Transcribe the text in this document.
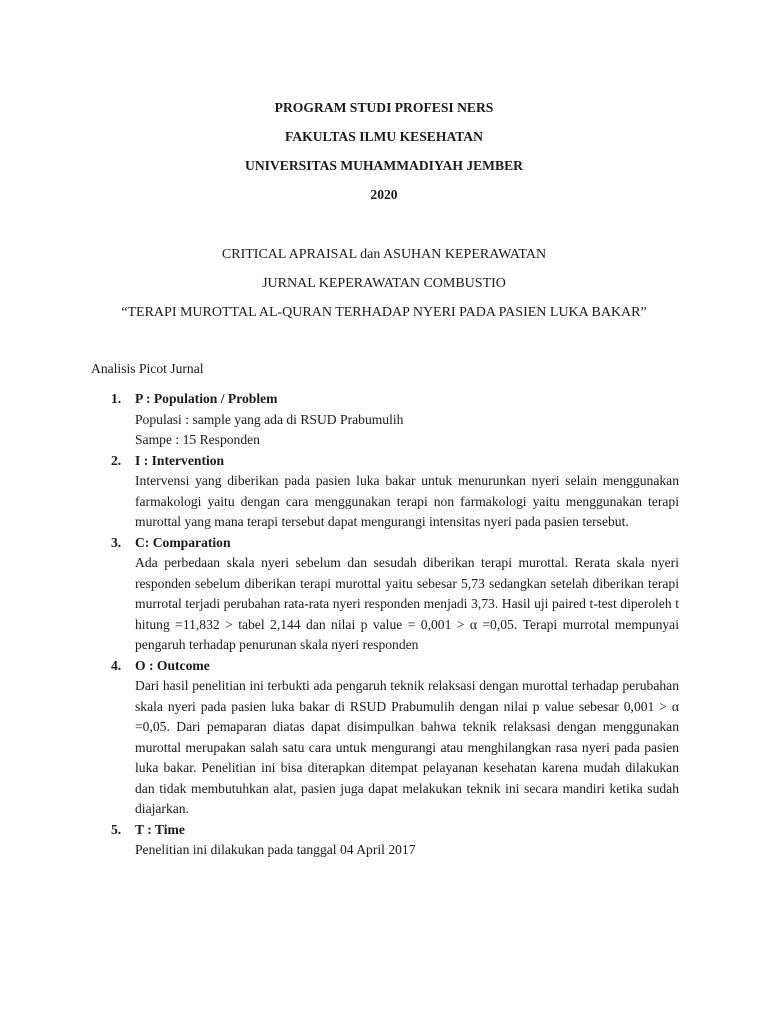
PROGRAM STUDI PROFESI NERS
FAKULTAS ILMU KESEHATAN
UNIVERSITAS MUHAMMADIYAH JEMBER
2020
CRITICAL APRAISAL dan ASUHAN KEPERAWATAN
JURNAL KEPERAWATAN COMBUSTIO
“TERAPI MUROTTAL AL-QURAN TERHADAP NYERI PADA PASIEN LUKA BAKAR”
Analisis Picot Jurnal
1. P : Population / Problem
Populasi : sample yang ada di RSUD Prabumulih
Sampe : 15 Responden
2. I : Intervention
Intervensi yang diberikan pada pasien luka bakar untuk menurunkan nyeri selain menggunakan farmakologi yaitu dengan cara menggunakan terapi non farmakologi yaitu menggunakan terapi murottal yang mana terapi tersebut dapat mengurangi intensitas nyeri pada pasien tersebut.
3. C: Comparation
Ada perbedaan skala nyeri sebelum dan sesudah diberikan terapi murottal. Rerata skala nyeri responden sebelum diberikan terapi murottal yaitu sebesar 5,73 sedangkan setelah diberikan terapi murrotal terjadi perubahan rata-rata nyeri responden menjadi 3,73. Hasil uji paired t-test diperoleh t hitung =11,832 > tabel 2,144 dan nilai p value = 0,001 > α =0,05. Terapi murrotal mempunyai pengaruh terhadap penurunan skala nyeri responden
4. O : Outcome
Dari hasil penelitian ini terbukti ada pengaruh teknik relaksasi dengan murottal terhadap perubahan skala nyeri pada pasien luka bakar di RSUD Prabumulih dengan nilai p value sebesar 0,001 > α =0,05. Dari pemaparan diatas dapat disimpulkan bahwa teknik relaksasi dengan menggunakan murottal merupakan salah satu cara untuk mengurangi atau menghilangkan rasa nyeri pada pasien luka bakar. Penelitian ini bisa diterapkan ditempat pelayanan kesehatan karena mudah dilakukan dan tidak membutuhkan alat, pasien juga dapat melakukan teknik ini secara mandiri ketika sudah diajarkan.
5. T : Time
Penelitian ini dilakukan pada tanggal 04 April 2017
